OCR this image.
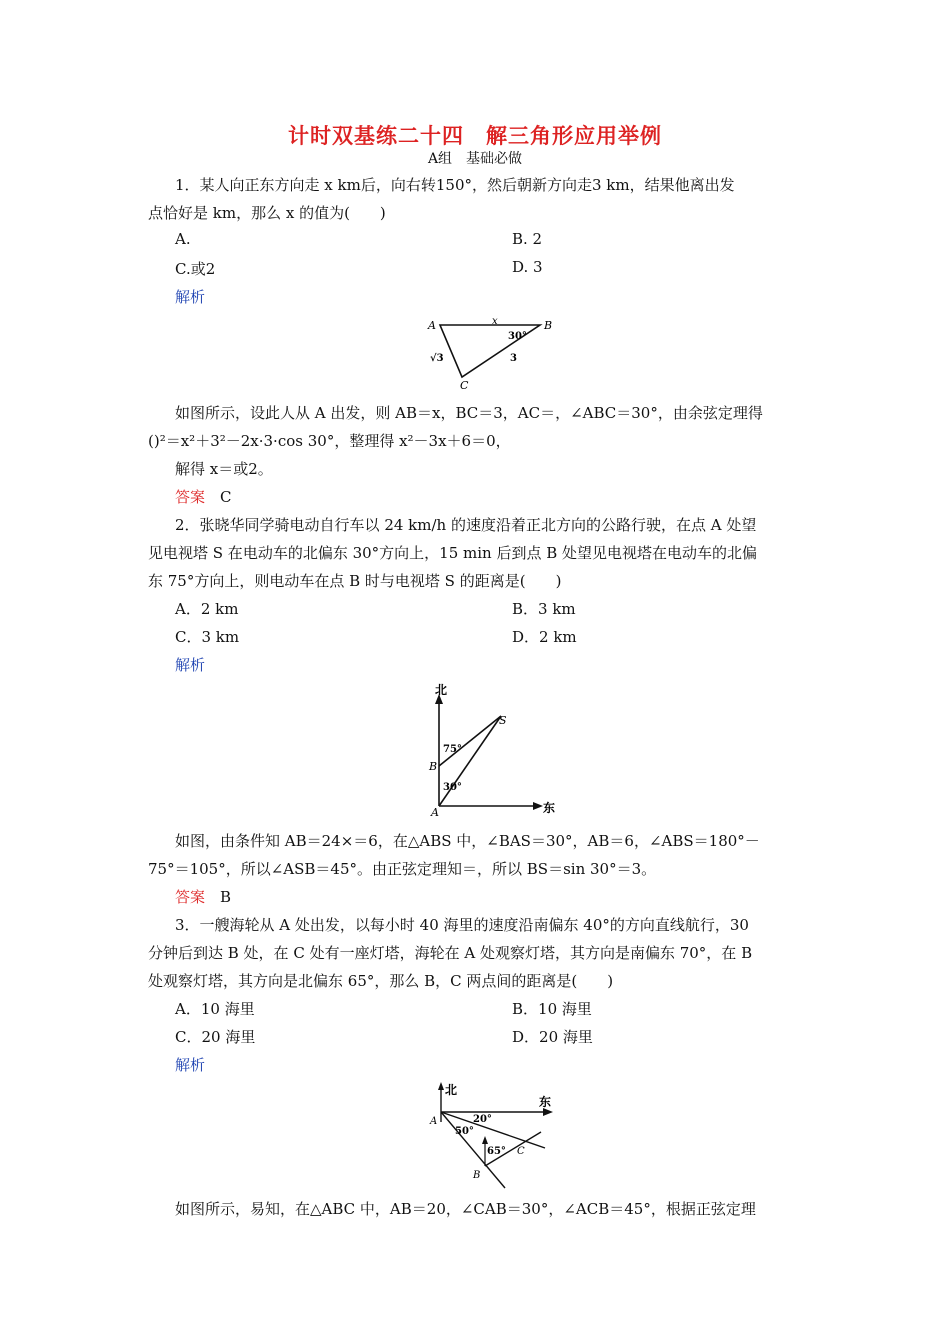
计时双基练二十四　解三角形应用举例
A组　基础必做
1．某人向正东方向走 x km后，向右转150°，然后朝新方向走3 km，结果他离出发
点恰好是 km，那么 x 的值为(　　)
A.	B. 2
C.或2	D. 3
解析
A	B
C
x
30°
3
√3
如图所示，设此人从 A 出发，则 AB＝x，BC＝3，AC＝，∠ABC＝30°，由余弦定理得
()²＝x²＋3²－2x·3·cos 30°，整理得 x²－3x＋6＝0，
解得 x＝或2。
答案　 C
2．张晓华同学骑电动自行车以 24 km/h 的速度沿着正北方向的公路行驶，在点 A 处望
见电视塔 S 在电动车的北偏东 30°方向上，15 min 后到点 B 处望见电视塔在电动车的北偏
东 75°方向上，则电动车在点 B 时与电视塔 S 的距离是(　　)
A．2 km	B．3 km
C．3 km	D．2 km
解析
北
东
A
B
S
75°
30°
如图，由条件知 AB＝24×＝6，在△ABS 中，∠BAS＝30°，AB＝6，∠ABS＝180°－
75°＝105°，所以∠ASB＝45°。由正弦定理知＝，所以 BS＝sin 30°＝3。
答案　 B
3．一艘海轮从 A 处出发，以每小时 40 海里的速度沿南偏东 40°的方向直线航行，30
分钟后到达 B 处，在 C 处有一座灯塔，海轮在 A 处观察灯塔，其方向是南偏东 70°，在 B
处观察灯塔，其方向是北偏东 65°，那么 B，C 两点间的距离是(　　)
A．10 海里	B．10 海里
C．20 海里	D．20 海里
解析
北
东
A
B
C
20°
50°
65°
如图所示，易知，在△ABC 中，AB＝20，∠CAB＝30°，∠ACB＝45°，根据正弦定理
